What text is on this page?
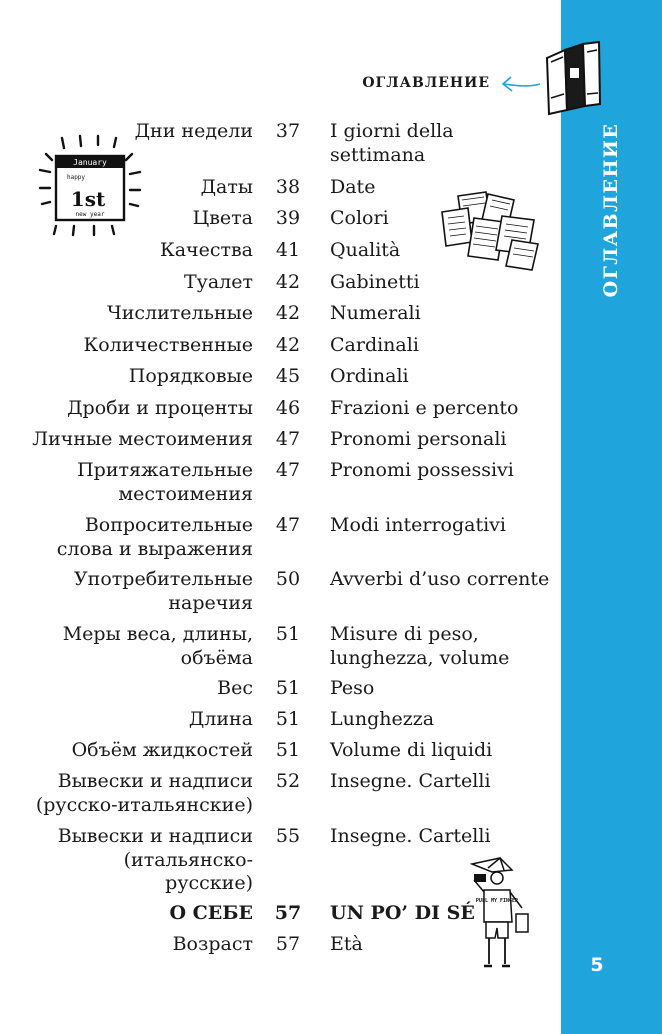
ОГЛАВЛЕНИЕ
5
ОГЛАВЛЕНИЕ
January
happy
1st
new year
PULL MY FINGER
Дни недели	37	I giorni della
settimana
Даты	38	Date
Цвета	39	Colori
Качества	41	Qualità
Туалет	42	Gabinetti
Числительные	42	Numerali
Количественные	42	Cardinali
Порядковые	45	Ordinali
Дроби и проценты	46	Frazioni e percento
Личные местоимения	47	Pronomi personali
Притяжательные
местоимения
47	Pronomi possessivi
Вопросительные
слова и выражения
47	Modi interrogativi
Употребительные
наречия
50	Avverbi d’uso corrente
Меры веса, длины,
объёма
51	Misure di peso,
lunghezza, volume
Вес	51	Peso
Длина	51	Lunghezza
Объём жидкостей	51	Volume di liquidi
Вывески и надписи
(русско-итальянские)
52	Insegne. Cartelli
Вывески и надписи
(итальянско-
русские)
55	Insegne. Cartelli
О СЕБЕ	57	UN PO’ DI SÉ
Возраст	57	Età
